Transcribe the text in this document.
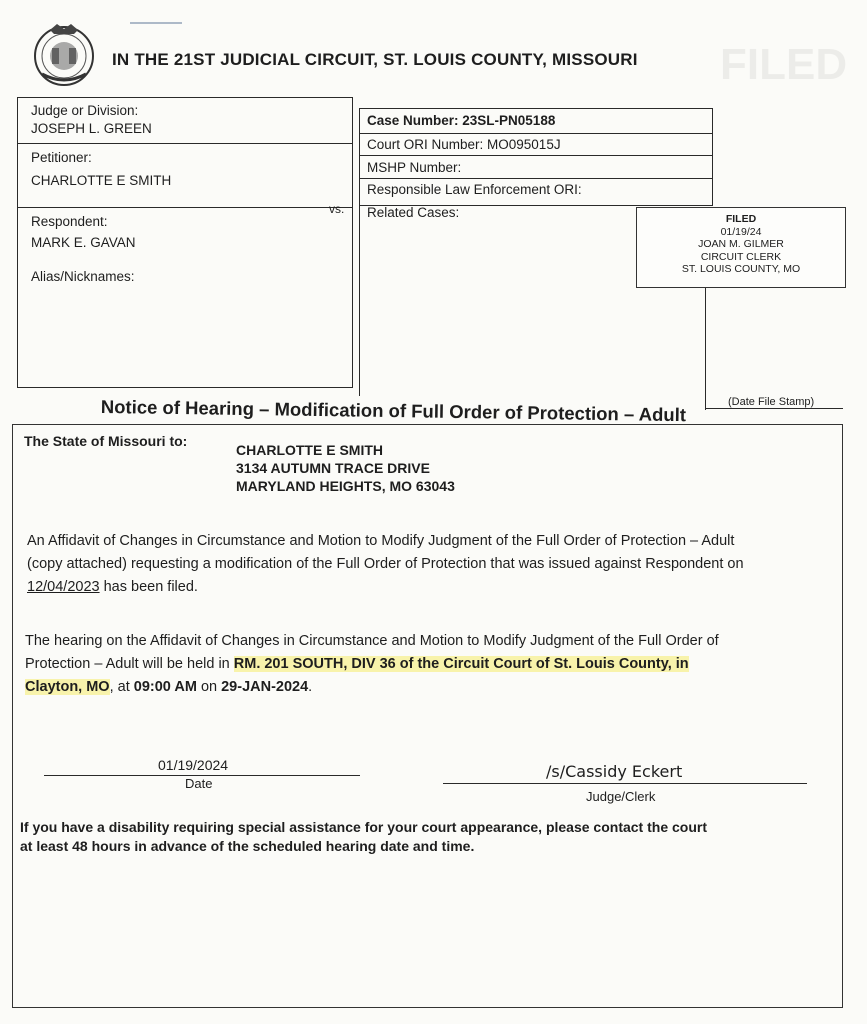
FILED
IN THE 21ST JUDICIAL CIRCUIT, ST. LOUIS COUNTY, MISSOURI
Judge or Division:
JOSEPH L. GREEN
Petitioner:
CHARLOTTE E SMITH
vs.
Respondent:
MARK E. GAVAN
Alias/Nicknames:
Case Number: 23SL-PN05188
Court ORI Number: MO095015J
MSHP Number:
Responsible Law Enforcement ORI:
Related Cases:
(Date File Stamp)
FILED
01/19/24
JOAN M. GILMER
CIRCUIT CLERK
ST. LOUIS COUNTY, MO
Notice of Hearing – Modification of Full Order of Protection – Adult
The State of Missouri to:
CHARLOTTE E SMITH
3134 AUTUMN TRACE DRIVE
MARYLAND HEIGHTS, MO 63043
An Affidavit of Changes in Circumstance and Motion to Modify Judgment of the Full Order of Protection – Adult
(copy attached) requesting a modification of the Full Order of Protection that was issued against Respondent on
12/04/2023 has been filed.
The hearing on the Affidavit of Changes in Circumstance and Motion to Modify Judgment of the Full Order of
Protection – Adult will be held in RM. 201 SOUTH, DIV 36 of the Circuit Court of St. Louis County, in
Clayton, MO, at 09:00 AM on 29-JAN-2024.
01/19/2024
Date
/s/Cassidy Eckert
Judge/Clerk
If you have a disability requiring special assistance for your court appearance, please contact the court
at least 48 hours in advance of the scheduled hearing date and time.
